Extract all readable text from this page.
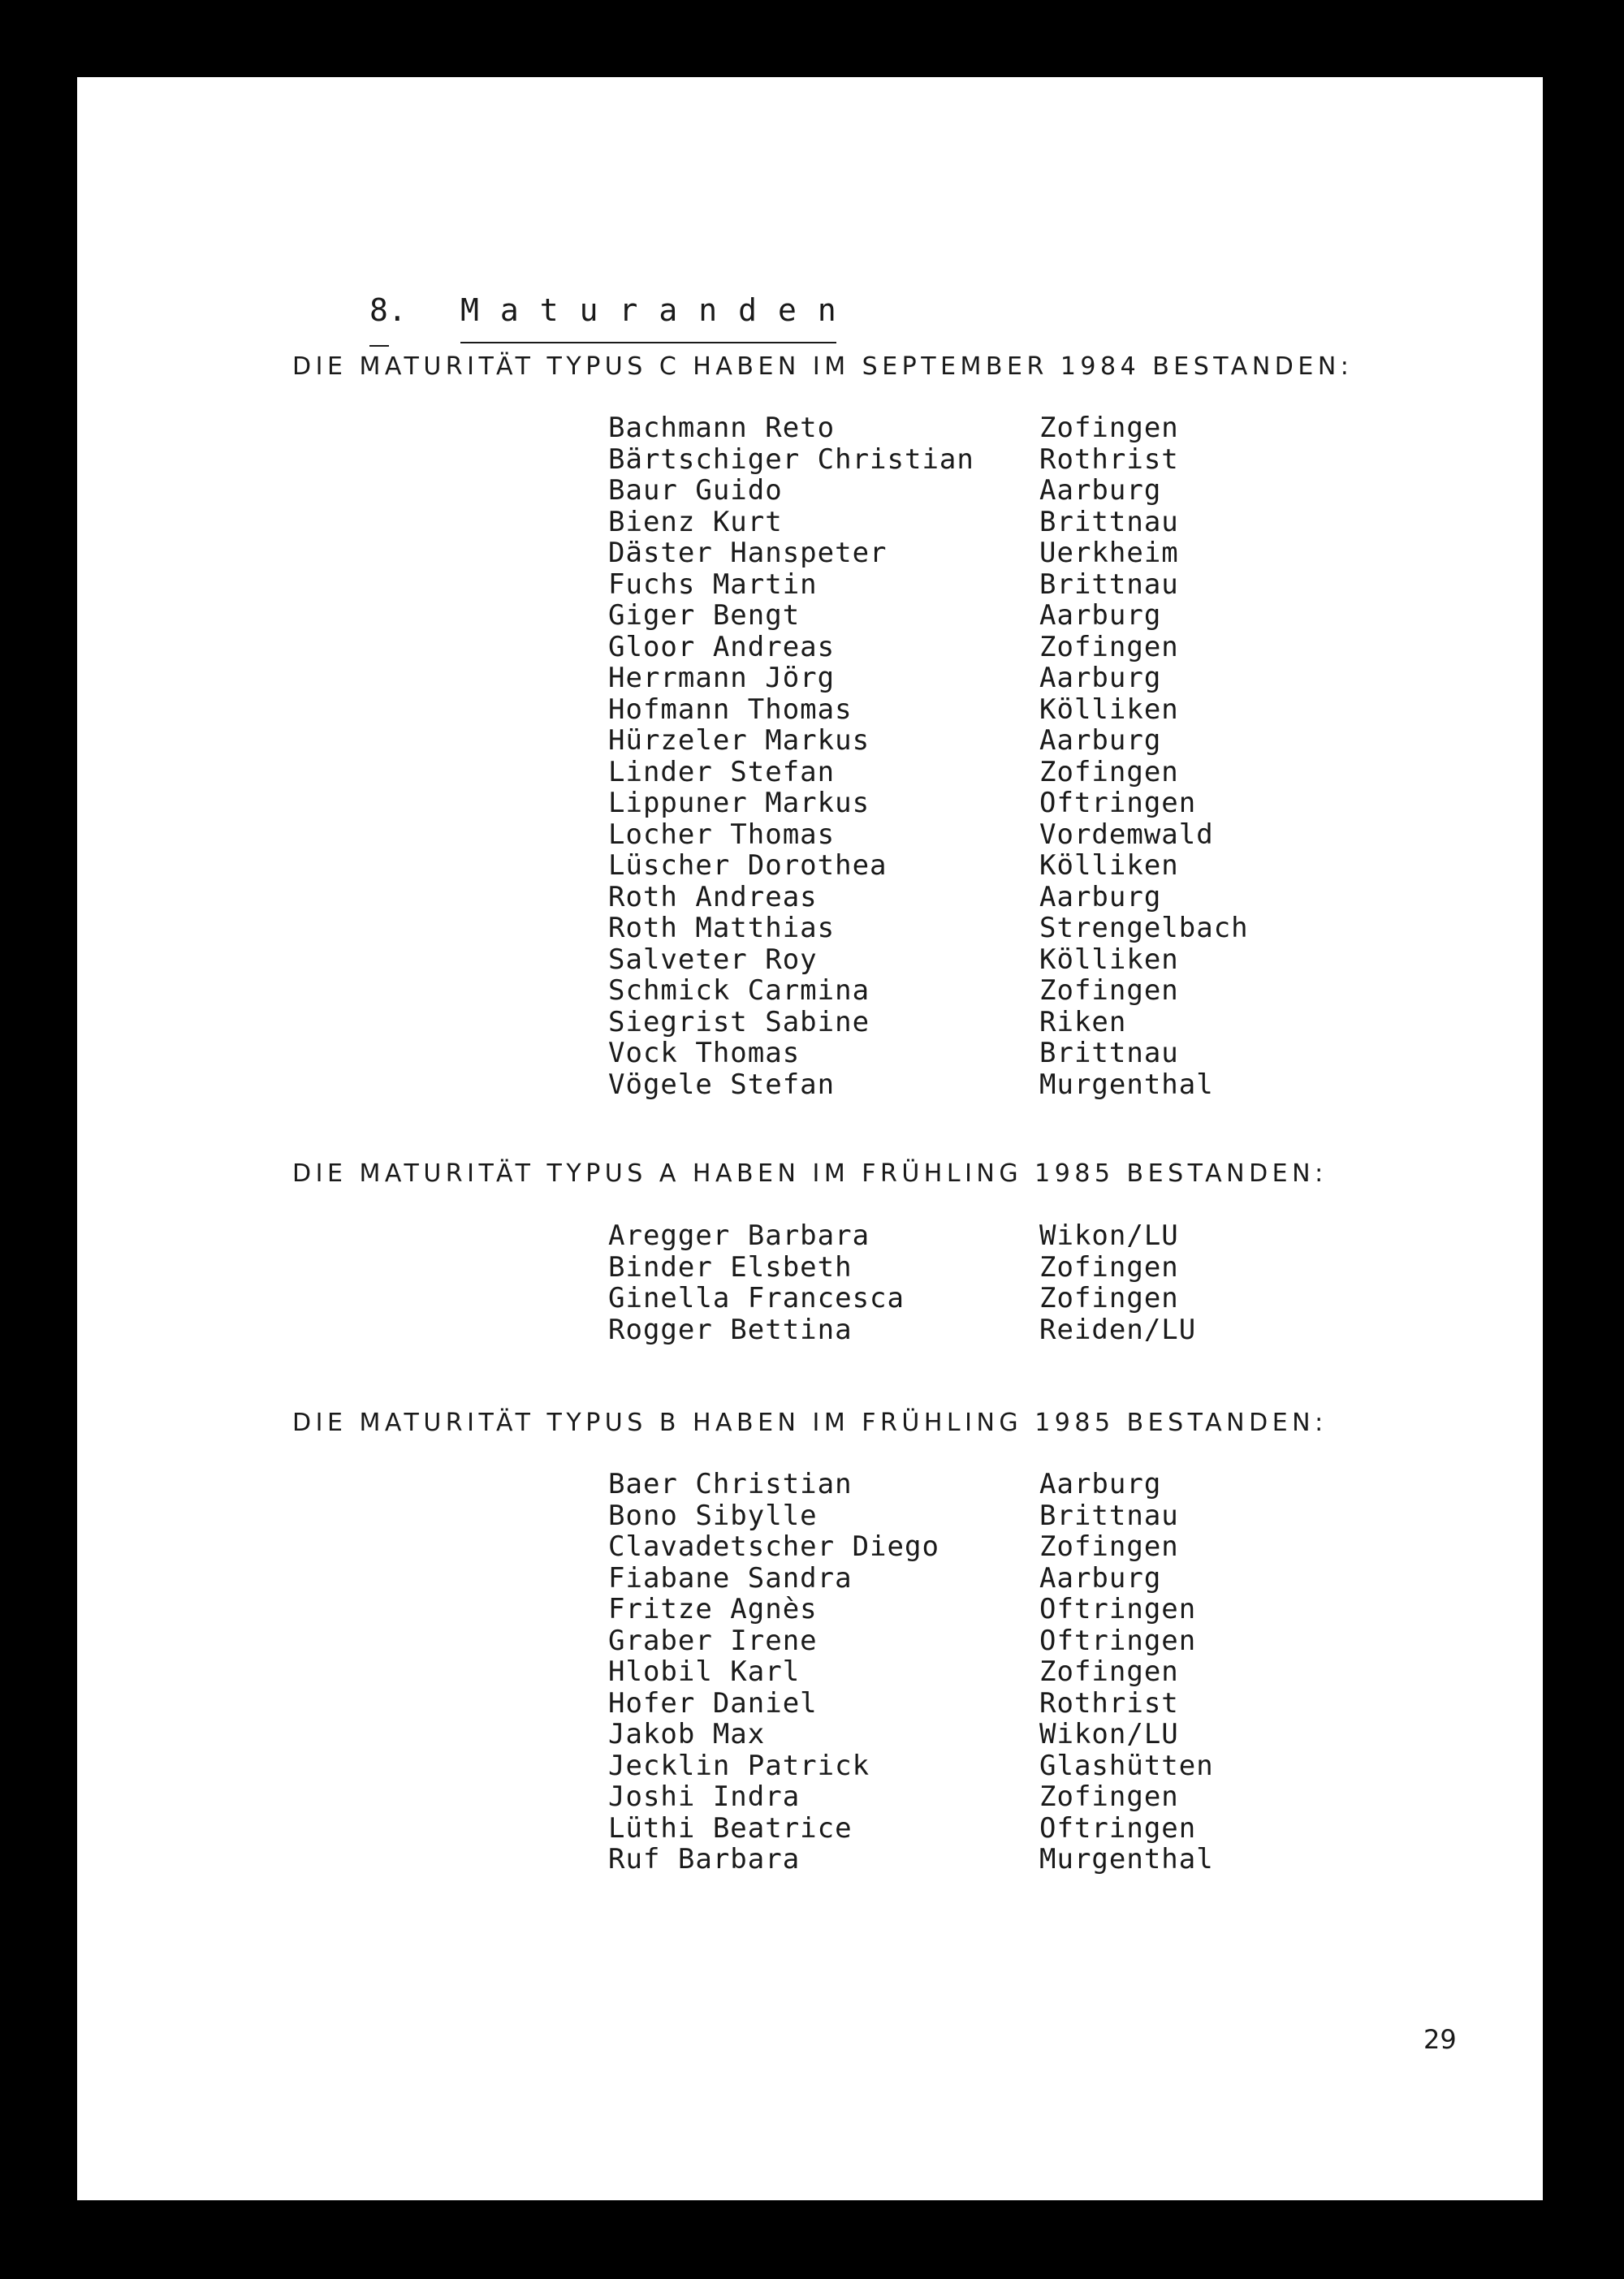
8. Maturanden
DIE MATURITÄT TYPUS C HABEN IM SEPTEMBER 1984 BESTANDEN:
Bachmann Reto	Zofingen
Bärtschiger Christian Rothrist
Baur Guido	Aarburg
Bienz Kurt	Brittnau
Däster Hanspeter	Uerkheim
Fuchs Martin	Brittnau
Giger Bengt	Aarburg
Gloor Andreas	Zofingen
Herrmann Jörg	Aarburg
Hofmann Thomas	Kölliken
Hürzeler Markus	Aarburg
Linder Stefan	Zofingen
Lippuner Markus	Oftringen
Locher Thomas	Vordemwald
Lüscher Dorothea	Kölliken
Roth Andreas	Aarburg
Roth Matthias	Strengelbach
Salveter Roy	Kölliken
Schmick Carmina	Zofingen
Siegrist Sabine	Riken
Vock Thomas	Brittnau
Vögele Stefan	Murgenthal
DIE MATURITÄT TYPUS A HABEN IM FRÜHLING 1985 BESTANDEN:
Aregger Barbara	Wikon/LU
Binder Elsbeth	Zofingen
Ginella Francesca	Zofingen
Rogger Bettina	Reiden/LU
DIE MATURITÄT TYPUS B HABEN IM FRÜHLING 1985 BESTANDEN:
Baer Christian	Aarburg
Bono Sibylle	Brittnau
Clavadetscher Diego	Zofingen
Fiabane Sandra	Aarburg
Fritze Agnès	Oftringen
Graber Irene	Oftringen
Hlobil Karl	Zofingen
Hofer Daniel	Rothrist
Jakob Max	Wikon/LU
Jecklin Patrick	Glashütten
Joshi Indra	Zofingen
Lüthi Beatrice	Oftringen
Ruf Barbara	Murgenthal
29
